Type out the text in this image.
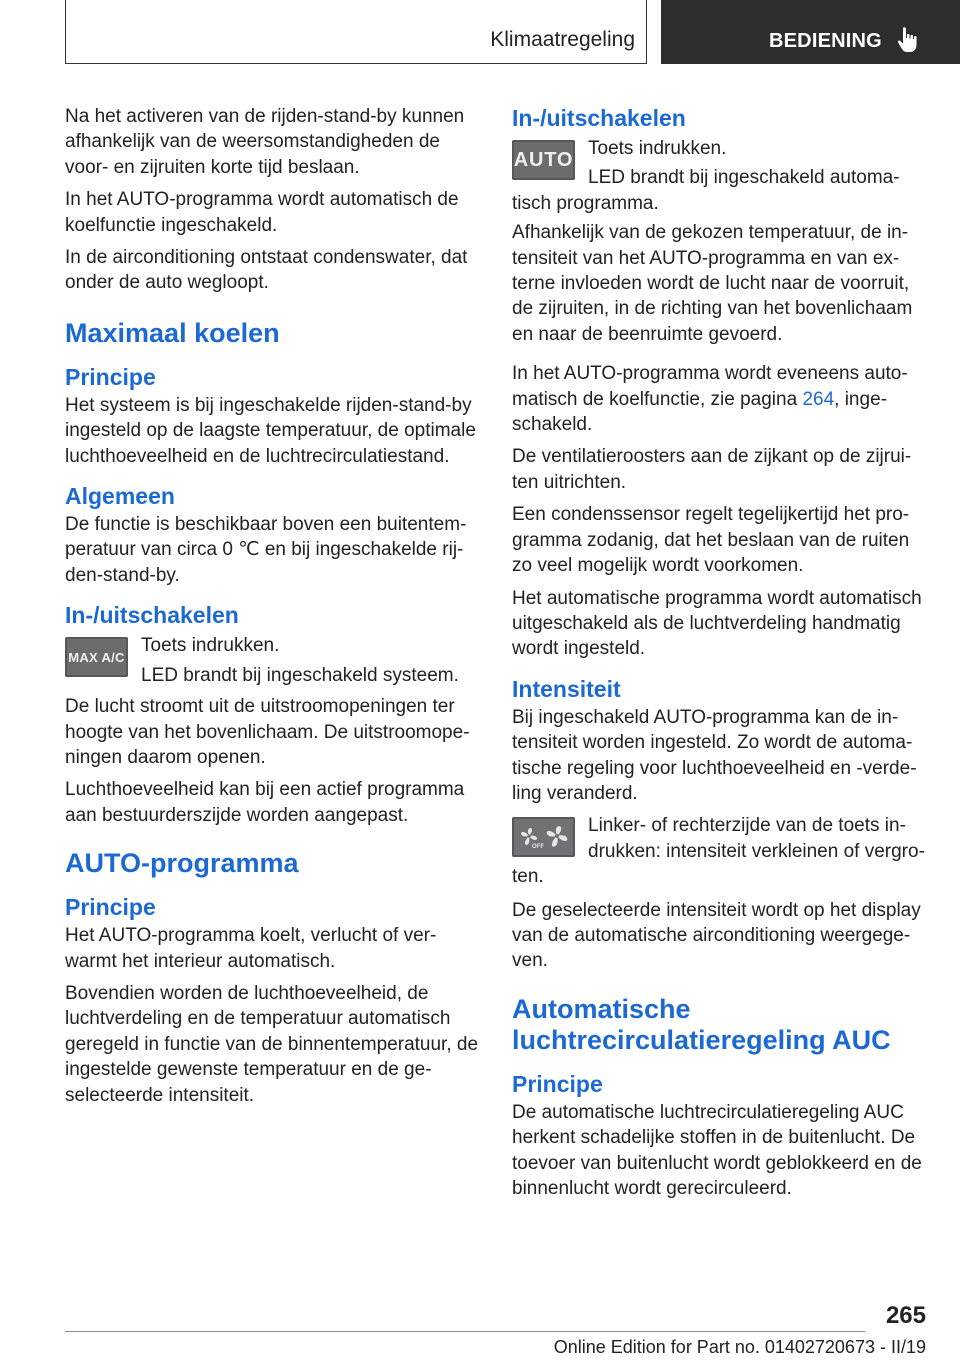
Klimaatregeling	BEDIENING

Na het activeren van de rijden-stand-by kunnen afhankelijk van de weersomstandigheden de voor- en zijruiten korte tijd beslaan.

In het AUTO-programma wordt automatisch de koelfunctie ingeschakeld.

In de airconditioning ontstaat condenswater, dat onder de auto wegloopt.

Maximaal koelen
Principe

Het systeem is bij ingeschakelde rijden-stand-by ingesteld op de laagste temperatuur, de optimale luchthoeveelheid en de luchtrecirculatiestand.

Algemeen

De functie is beschikbaar boven een buitentemperatuur van circa 0 ℃ en bij ingeschakelde rijden-stand-by.

In-/uitschakelen
MAX A/C

Toets indrukken.

LED brandt bij ingeschakeld systeem.

De lucht stroomt uit de uitstroomopeningen ter hoogte van het bovenlichaam. De uitstroomopeningen daarom openen.

Luchthoeveelheid kan bij een actief programma aan bestuurderszijde worden aangepast.

AUTO-programma
Principe

Het AUTO-programma koelt, verlucht of verwarmt het interieur automatisch.

Bovendien worden de luchthoeveelheid, de luchtverdeling en de temperatuur automatisch geregeld in functie van de binnentemperatuur, de ingestelde gewenste temperatuur en de geselecteerde intensiteit.

In-/uitschakelen
AUTO Toets indrukken.

LED brandt bij ingeschakeld automatisch programma.

Afhankelijk van de gekozen temperatuur, de intensiteit van het AUTO-programma en van externe invloeden wordt de lucht naar de voorruit, de zijruiten, in de richting van het bovenlichaam en naar de beenruimte gevoerd.

In het AUTO-programma wordt eveneens automatisch de koelfunctie, zie pagina 264, ingeschakeld.

De ventilatieroosters aan de zijkant op de zijruiten uitrichten.

Een condenssensor regelt tegelijkertijd het programma zodanig, dat het beslaan van de ruiten zo veel mogelijk wordt voorkomen.

Het automatische programma wordt automatisch uitgeschakeld als de luchtverdeling handmatig wordt ingesteld.

Intensiteit

Bij ingeschakeld AUTO-programma kan de intensiteit worden ingesteld. Zo wordt de automatische regeling voor luchthoeveelheid en -verdeling veranderd.

OFF

Linker- of rechterzijde van de toets indrukken: intensiteit verkleinen of vergroten.

De geselecteerde intensiteit wordt op het display van de automatische airconditioning weergegeven.

Automatische
luchtrecirculatieregeling AUC
Principe

De automatische luchtrecirculatieregeling AUC herkent schadelijke stoffen in de buitenlucht. De toevoer van buitenlucht wordt geblokkeerd en de binnenlucht wordt gerecirculeerd.

265
Online Edition for Part no. 01402720673 - II/19
